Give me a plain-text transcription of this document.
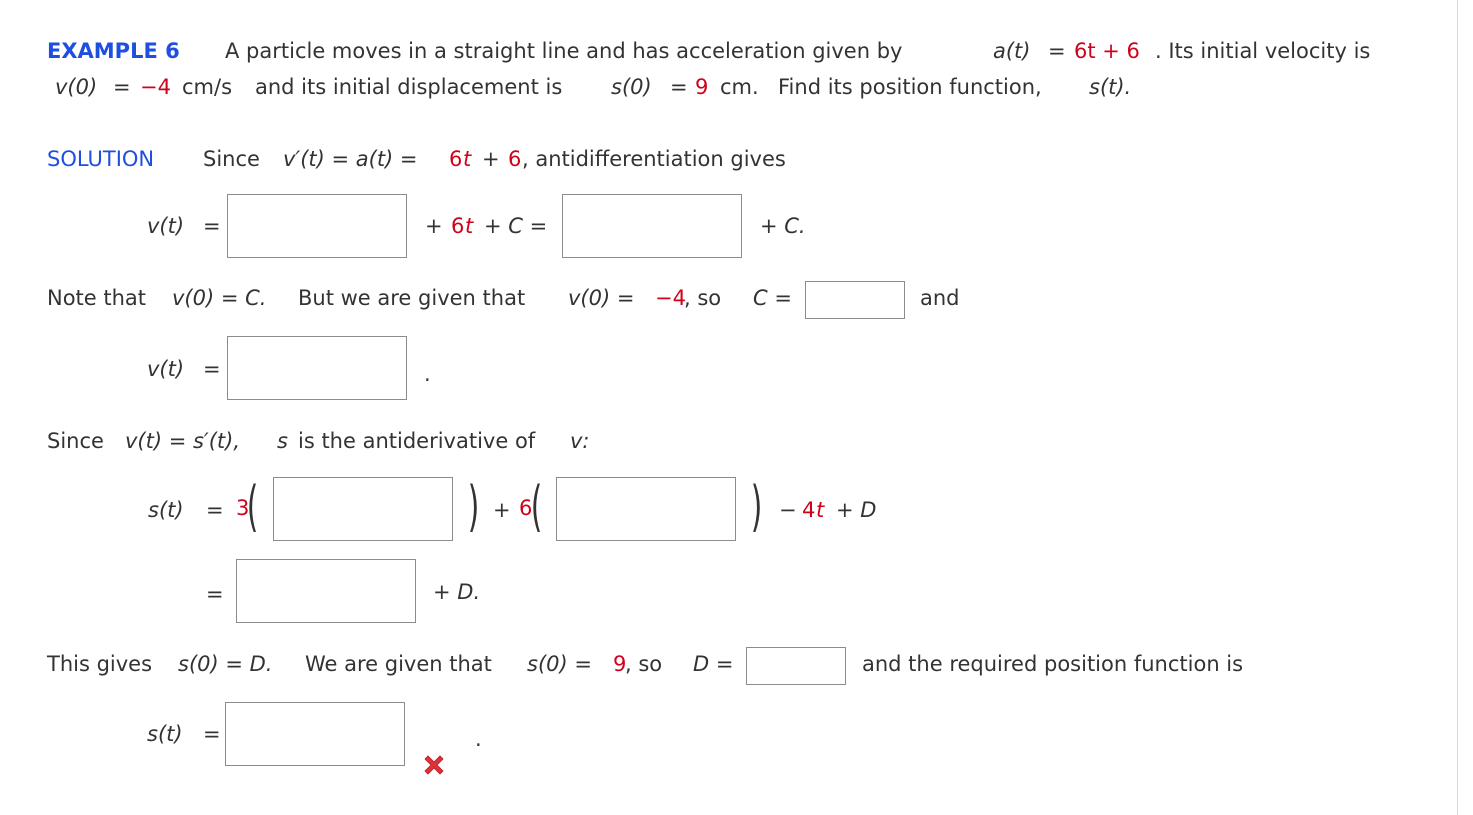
EXAMPLE 6 A particle moves in a straight line and has acceleration given by	a(t) = 6t + 6 . Its initial velocity is
v(0) = −4 cm/s and its initial displacement is s(0) = 9 cm. Find its position function, s(t).
SOLUTION Since v′(t) = a(t) = 6 t + 6 , antidifferentiation gives
v(t) =	+ 6 t + C =	+ C.
Note that v(0) = C. But we are given that v(0) = −4
, so C =	and
v(t) =	.
Since v(t) = s′(t), s is the antiderivative of v:
s(t) = 3
(	) + 6
(	) − 4 t + D
=	+ D.
This gives s(0) = D. We are given that s(0) = 9
, so D =	and the required position function is
s(t) =	.
